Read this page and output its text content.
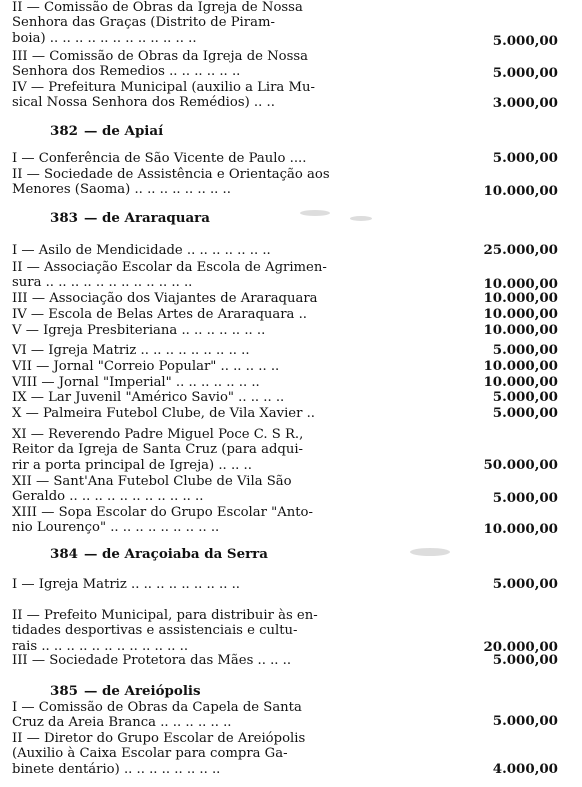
II — Comissão de Obras da Igreja de Nossa
Senhora das Graças (Distrito de Piram-
boia) .. .. .. .. .. .. .. .. .. .. .. ..	5.000,00
III — Comissão de Obras da Igreja de Nossa
Senhora dos Remedios .. .. .. .. .. ..	5.000,00
IV — Prefeitura Municipal (auxilio a Lira Mu-
sical Nossa Senhora dos Remédios) .. ..	3.000,00
382 — de Apiaí
I — Conferência de São Vicente de Paulo ....	5.000,00
II — Sociedade de Assistência e Orientação aos
Menores (Saoma) .. .. .. .. .. .. .. ..	10.000,00
383 — de Araraquara
I — Asilo de Mendicidade .. .. .. .. .. .. ..	25.000,00
II — Associação Escolar da Escola de Agrimen-
sura .. .. .. .. .. .. .. .. .. .. .. ..	10.000,00
III — Associação dos Viajantes de Araraquara	10.000,00
IV — Escola de Belas Artes de Araraquara ..	10.000,00
V — Igreja Presbiteriana .. .. .. .. .. .. ..	10.000,00
VI — Igreja Matriz .. .. .. .. .. .. .. .. ..	5.000,00
VII — Jornal "Correio Popular" .. .. .. .. ..	10.000,00
VIII — Jornal "Imperial" .. .. .. .. .. .. ..	10.000,00
IX — Lar Juvenil "Américo Savio" .. .. .. ..	5.000,00
X — Palmeira Futebol Clube, de Vila Xavier ..	5.000,00
XI — Reverendo Padre Miguel Poce C. S R.,
Reitor da Igreja de Santa Cruz (para adqui-
rir a porta principal de Igreja) .. .. ..	50.000,00
XII — Sant'Ana Futebol Clube de Vila São
Geraldo .. .. .. .. .. .. .. .. .. .. ..	5.000,00
XIII — Sopa Escolar do Grupo Escolar "Anto-
nio Lourenço" .. .. .. .. .. .. .. .. ..	10.000,00
384 — de Araçoiaba da Serra
I — Igreja Matriz .. .. .. .. .. .. .. .. ..	5.000,00
II — Prefeito Municipal, para distribuir às en-
tidades desportivas e assistenciais e cultu-
rais .. .. .. .. .. .. .. .. .. .. .. ..	20.000,00
III — Sociedade Protetora das Mães .. .. ..	5.000,00
385 — de Areiópolis
I — Comissão de Obras da Capela de Santa
Cruz da Areia Branca .. .. .. .. .. ..	5.000,00
II — Diretor do Grupo Escolar de Areiópolis
(Auxilio à Caixa Escolar para compra Ga-
binete dentário) .. .. .. .. .. .. .. ..	4.000,00
